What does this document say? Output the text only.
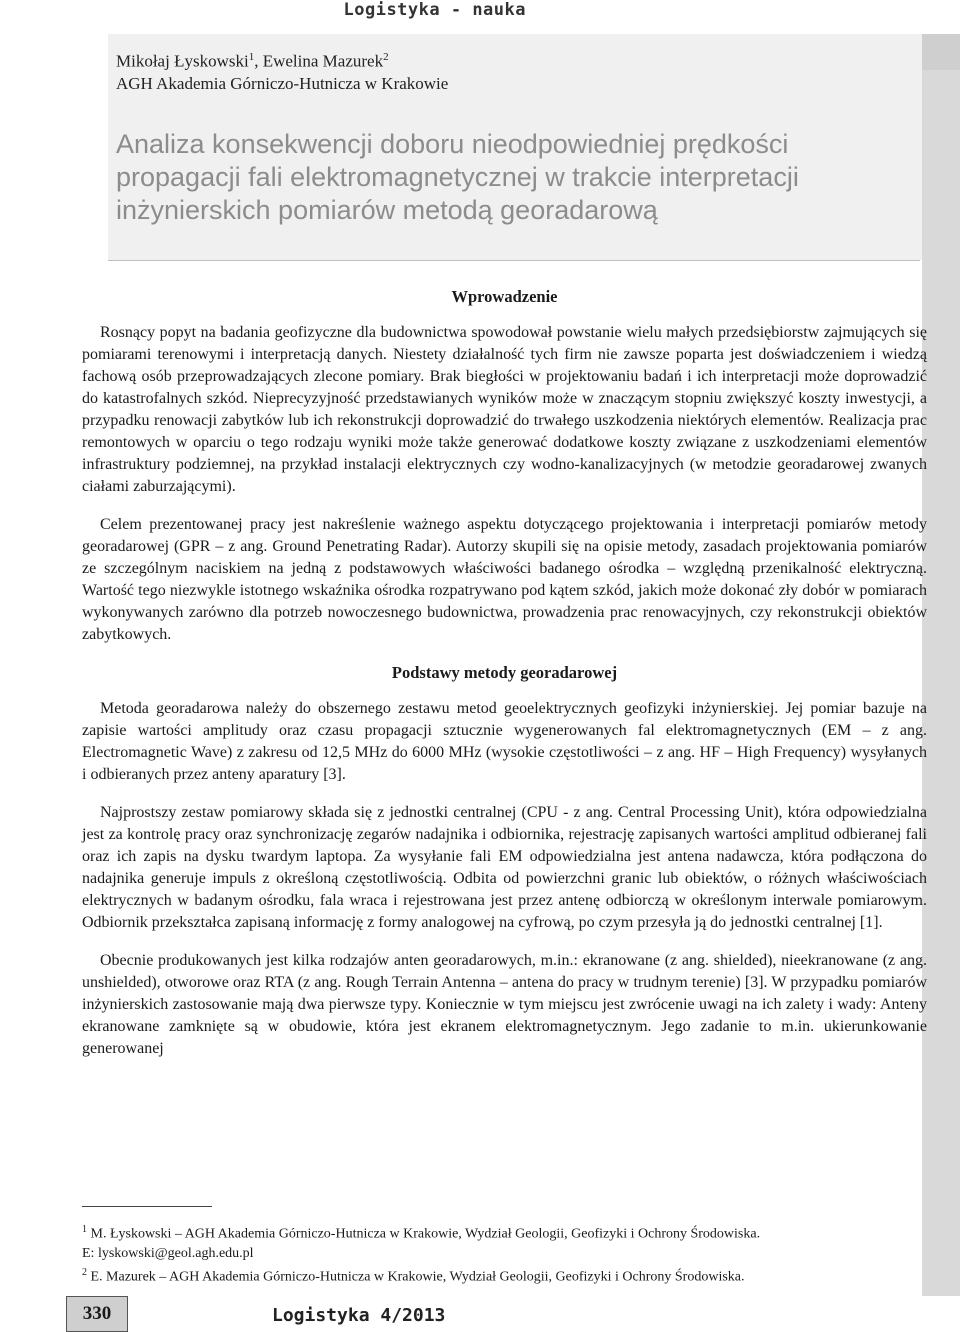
Logistyka - nauka
Mikołaj Łyskowski$^1$, Ewelina Mazurek$^2$
AGH Akademia Górniczo-Hutnicza w Krakowie
Analiza konsekwencji doboru nieodpowiedniej prędkości propagacji fali elektromagnetycznej w trakcie interpretacji inżynierskich pomiarów metodą georadarową
Wprowadzenie

Rosnący popyt na badania geofizyczne dla budownictwa spowodował powstanie wielu małych przedsiębiorstw zajmujących się pomiarami terenowymi i interpretacją danych. Niestety działalność tych firm nie zawsze poparta jest doświadczeniem i wiedzą fachową osób przeprowadzających zlecone pomiary. Brak biegłości w projektowaniu badań i ich interpretacji może doprowadzić do katastrofalnych szkód. Nieprecyzyjność przedstawianych wyników może w znaczącym stopniu zwiększyć koszty inwestycji, a przypadku renowacji zabytków lub ich rekonstrukcji doprowadzić do trwałego uszkodzenia niektórych elementów. Realizacja prac remontowych w oparciu o tego rodzaju wyniki może także generować dodatkowe koszty związane z uszkodzeniami elementów infrastruktury podziemnej, na przykład instalacji elektrycznych czy wodno-kanalizacyjnych (w metodzie georadarowej zwanych ciałami zaburzającymi).

Celem prezentowanej pracy jest nakreślenie ważnego aspektu dotyczącego projektowania i interpretacji pomiarów metody georadarowej (GPR – z ang. Ground Penetrating Radar). Autorzy skupili się na opisie metody, zasadach projektowania pomiarów ze szczególnym naciskiem na jedną z podstawowych właściwości badanego ośrodka – względną przenikalność elektryczną. Wartość tego niezwykle istotnego wskaźnika ośrodka rozpatrywano pod kątem szkód, jakich może dokonać zły dobór w pomiarach wykonywanych zarówno dla potrzeb nowoczesnego budownictwa, prowadzenia prac renowacyjnych, czy rekonstrukcji obiektów zabytkowych.

Podstawy metody georadarowej

Metoda georadarowa należy do obszernego zestawu metod geoelektrycznych geofizyki inżynierskiej. Jej pomiar bazuje na zapisie wartości amplitudy oraz czasu propagacji sztucznie wygenerowanych fal elektromagnetycznych (EM – z ang. Electromagnetic Wave) z zakresu od 12,5 MHz do 6000 MHz (wysokie częstotliwości – z ang. HF – High Frequency) wysyłanych i odbieranych przez anteny aparatury [3].

Najprostszy zestaw pomiarowy składa się z jednostki centralnej (CPU - z ang. Central Processing Unit), która odpowiedzialna jest za kontrolę pracy oraz synchronizację zegarów nadajnika i odbiornika, rejestrację zapisanych wartości amplitud odbieranej fali oraz ich zapis na dysku twardym laptopa. Za wysyłanie fali EM odpowiedzialna jest antena nadawcza, która podłączona do nadajnika generuje impuls z określoną częstotliwością. Odbita od powierzchni granic lub obiektów, o różnych właściwościach elektrycznych w badanym ośrodku, fala wraca i rejestrowana jest przez antenę odbiorczą w określonym interwale pomiarowym. Odbiornik przekształca zapisaną informację z formy analogowej na cyfrową, po czym przesyła ją do jednostki centralnej [1].

Obecnie produkowanych jest kilka rodzajów anten georadarowych, m.in.: ekranowane (z ang. shielded), nieekranowane (z ang. unshielded), otworowe oraz RTA (z ang. Rough Terrain Antenna – antena do pracy w trudnym terenie) [3]. W przypadku pomiarów inżynierskich zastosowanie mają dwa pierwsze typy. Koniecznie w tym miejscu jest zwrócenie uwagi na ich zalety i wady: Anteny ekranowane zamknięte są w obudowie, która jest ekranem elektromagnetycznym. Jego zadanie to m.in. ukierunkowanie generowanej

$^1$ M. Łyskowski – AGH Akademia Górniczo-Hutnicza w Krakowie, Wydział Geologii, Geofizyki i Ochrony Środowiska.

E: lyskowski@geol.agh.edu.pl

$^2$ E. Mazurek – AGH Akademia Górniczo-Hutnicza w Krakowie, Wydział Geologii, Geofizyki i Ochrony Środowiska.

330	Logistyka 4/2013
